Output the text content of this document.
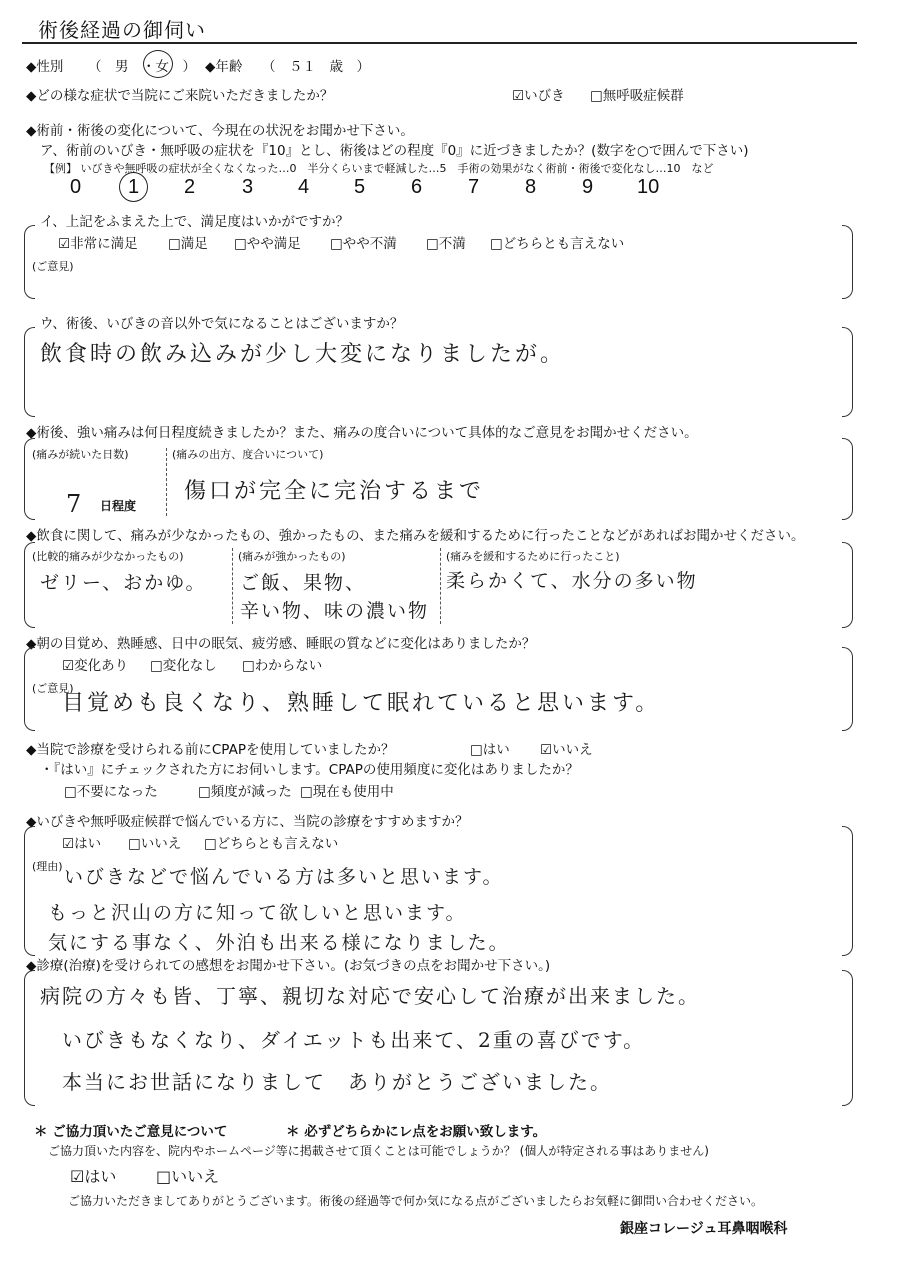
術後経過の御伺い
◆性別 （　男　・女　） ◆年齢 （　５１　歳　）
◆どの様な症状で当院にご来院いただきましたか？	☑いびき □無呼吸症候群
◆術前・術後の変化について、今現在の状況をお聞かせ下さい。
ア、術前のいびき・無呼吸の症状を『10』とし、術後はどの程度『0』に近づきましたか？(数字を○で囲んで下さい)
【例】 いびきや無呼吸の症状が全くなくなった…0　半分くらいまで軽減した…5　手術の効果がなく術前・術後で変化なし…10　など
0 1 2 3 4 5 6 7 8 9 10
イ、上記をふまえた上で、満足度はいかがですか？
☑非常に満足 □満足 □やや満足 □やや不満 □不満 □どちらとも言えない
(ご意見)
ウ、術後、いびきの音以外で気になることはございますか？
飲食時の飲み込みが少し大変になりましたが。
◆術後、強い痛みは何日程度続きましたか？また、痛みの度合いについて具体的なご意見をお聞かせください。
(痛みが続いた日数)
7 日程度
(痛みの出方、度合いについて)
傷口が完全に完治するまで
◆飲食に関して、痛みが少なかったもの、強かったもの、また痛みを緩和するために行ったことなどがあればお聞かせください。
(比較的痛みが少なかったもの)
ゼリー、おかゆ。
(痛みが強かったもの)
ご飯、果物、
辛い物、味の濃い物
(痛みを緩和するために行ったこと)
柔らかくて、水分の多い物
◆朝の目覚め、熟睡感、日中の眠気、疲労感、睡眠の質などに変化はありましたか？
☑変化あり □変化なし □わからない
(ご意見)
目覚めも良くなり、熟睡して眠れていると思います。
◆当院で診療を受けられる前にCPAPを使用していましたか？	□はい ☑いいえ
・『はい』にチェックされた方にお伺いします。CPAPの使用頻度に変化はありましたか？
□不要になった	□頻度が減った □現在も使用中
◆いびきや無呼吸症候群で悩んでいる方に、当院の診療をすすめますか？
☑はい □いいえ □どちらとも言えない
(理由) いびきなどで悩んでいる方は多いと思います。
もっと沢山の方に知って欲しいと思います。
気にする事なく、外泊も出来る様になりました。
◆診療(治療)を受けられての感想をお聞かせ下さい。(お気づきの点をお聞かせ下さい。)
病院の方々も皆、丁寧、親切な対応で安心して治療が出来ました。
いびきもなくなり、ダイエットも出来て、2重の喜びです。
本当にお世話になりまして　ありがとうございました。
＊ ご協力頂いたご意見について	＊ 必ずどちらかにレ点をお願い致します。
ご協力頂いた内容を、院内やホームページ等に掲載させて頂くことは可能でしょうか？ (個人が特定される事はありません)
☑はい □いいえ
ご協力いただきましてありがとうございます。術後の経過等で何か気になる点がございましたらお気軽に御問い合わせください。
銀座コレージュ耳鼻咽喉科
